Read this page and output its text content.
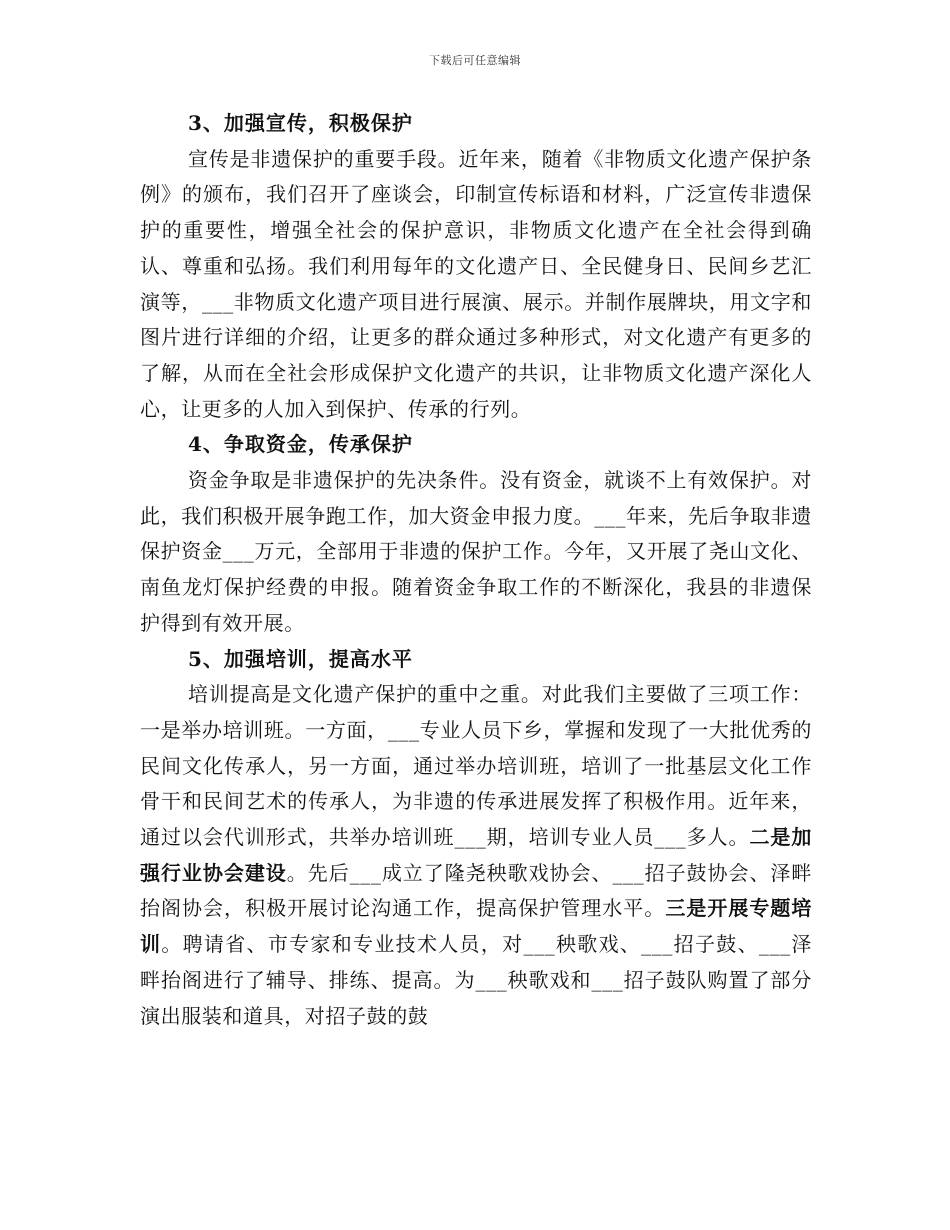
下载后可任意编辑

3、加强宣传，积极保护

宣传是非遗保护的重要手段。近年来，随着《非物质文化遗产保护条例》的颁布，我们召开了座谈会，印制宣传标语和材料，广泛宣传非遗保护的重要性，增强全社会的保护意识，非物质文化遗产在全社会得到确认、尊重和弘扬。我们利用每年的文化遗产日、全民健身日、民间乡艺汇演等，___非物质文化遗产项目进行展演、展示。并制作展牌块，用文字和图片进行详细的介绍，让更多的群众通过多种形式，对文化遗产有更多的了解，从而在全社会形成保护文化遗产的共识，让非物质文化遗产深化人心，让更多的人加入到保护、传承的行列。

4、争取资金，传承保护

资金争取是非遗保护的先决条件。没有资金，就谈不上有效保护。对此，我们积极开展争跑工作，加大资金申报力度。___年来，先后争取非遗保护资金___万元，全部用于非遗的保护工作。今年，又开展了尧山文化、南鱼龙灯保护经费的申报。随着资金争取工作的不断深化，我县的非遗保护得到有效开展。

5、加强培训，提高水平

培训提高是文化遗产保护的重中之重。对此我们主要做了三项工作：一是举办培训班。一方面，___专业人员下乡，掌握和发现了一大批优秀的民间文化传承人，另一方面，通过举办培训班，培训了一批基层文化工作骨干和民间艺术的传承人，为非遗的传承进展发挥了积极作用。近年来，通过以会代训形式，共举办培训班___期，培训专业人员___多人。二是加强行业协会建设。先后___成立了隆尧秧歌戏协会、___招子鼓协会、泽畔抬阁协会，积极开展讨论沟通工作，提高保护管理水平。三是开展专题培训。聘请省、市专家和专业技术人员，对___秧歌戏、___招子鼓、___泽畔抬阁进行了辅导、排练、提高。为___秧歌戏和___招子鼓队购置了部分演出服装和道具，对招子鼓的鼓
